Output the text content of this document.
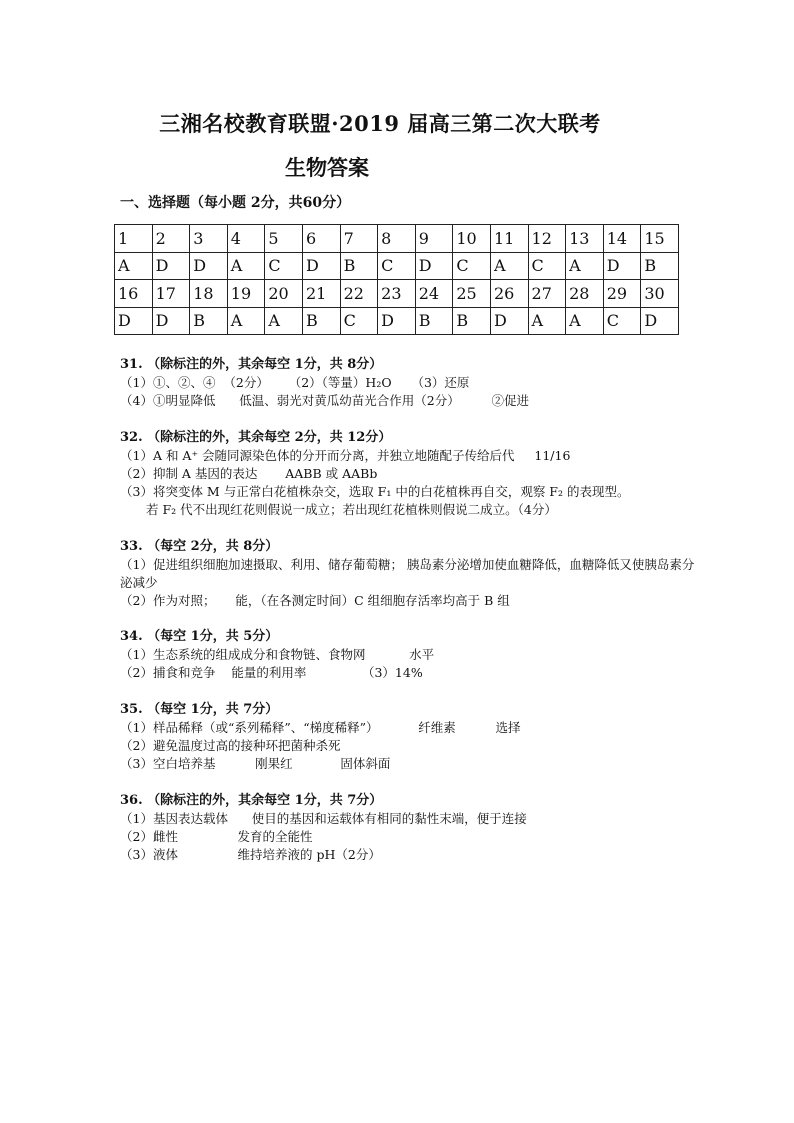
三湘名校教育联盟·2019 届高三第二次大联考
生物答案
一、选择题（每小题 2分，共60分）
1	2	3	4	5	6	7	8	9	10	11	12	13	14	15
A	D	D	A	C	D	B	C	D	C	A	C	A	D	B
16	17	18	19	20	21	22	23	24	25	26	27	28	29	30
D	D	B	A	A	B	C	D	B	B	D	A	A	C	D
31. （除标注的外，其余每空 1分，共 8分）
（1）①、②、④  （2分）     （2）（等量）H₂O     （3）还原
（4）①明显降低      低温、弱光对黄瓜幼苗光合作用（2分）        ②促进
32. （除标注的外，其余每空 2分，共 12分）
（1）A 和 A⁺ 会随同源染色体的分开而分离，并独立地随配子传给后代     11/16
（2）抑制 A 基因的表达       AABB 或 AABb
（3）将突变体 M 与正常白花植株杂交，选取 F₁ 中的白花植株再自交，观察 F₂ 的表现型。
若 F₂ 代不出现红花则假说一成立；若出现红花植株则假说二成立。（4分）
33. （每空 2分，共 8分）
（1）促进组织细胞加速摄取、利用、储存葡萄糖； 胰岛素分泌增加使血糖降低，血糖降低又使胰岛素分泌减少
（2）作为对照；     能，（在各测定时间）C 组细胞存活率均高于 B 组
34. （每空 1分，共 5分）
（1）生态系统的组成成分和食物链、食物网           水平
（2）捕食和竞争    能量的利用率              （3）14%
35. （每空 1分，共 7分）
（1）样品稀释（或“系列稀释”、“梯度稀释”）          纤维素          选择
（2）避免温度过高的接种环把菌种杀死
（3）空白培养基          刚果红            固体斜面
36. （除标注的外，其余每空 1分，共 7分）
（1）基因表达载体      使目的基因和运载体有相同的黏性末端，便于连接
（2）雌性               发育的全能性
（3）液体               维持培养液的 pH（2分）
